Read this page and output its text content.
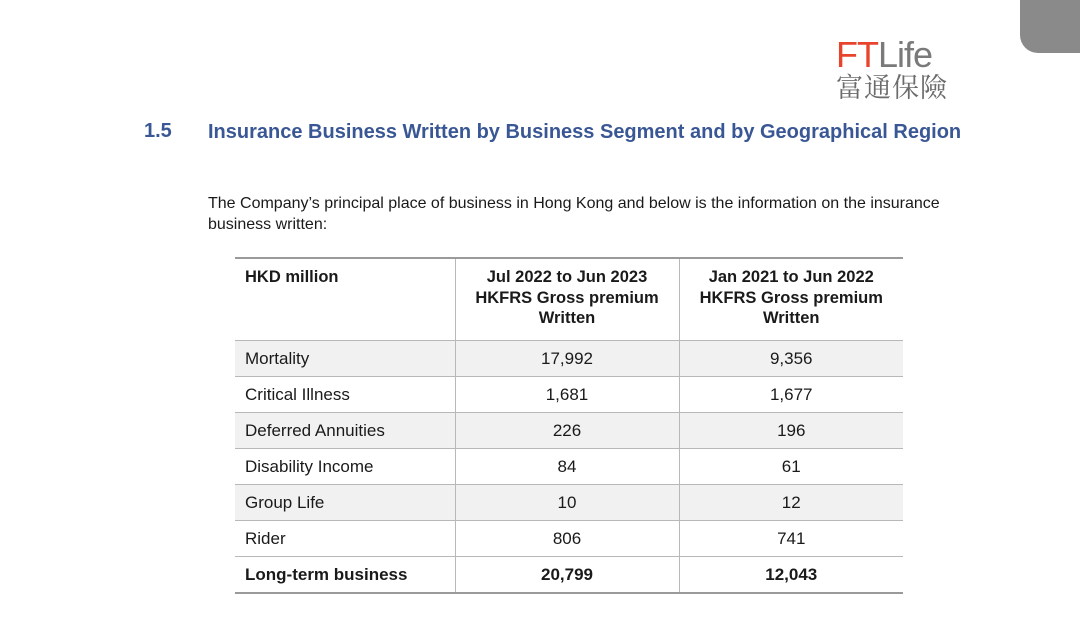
FTLife
富通保險
1.5 Insurance Business Written by Business Segment and by Geographical Region
The Company’s principal place of business in Hong Kong and below is the information on the insurance business written:
HKD million	Jul 2022 to Jun 2023 HKFRS Gross premium Written	Jan 2021 to Jun 2022 HKFRS Gross premium Written
Mortality	17,992	9,356
Critical Illness	1,681	1,677
Deferred Annuities	226	196
Disability Income	84	61
Group Life	10	12
Rider	806	741
Long-term business	20,799	12,043
